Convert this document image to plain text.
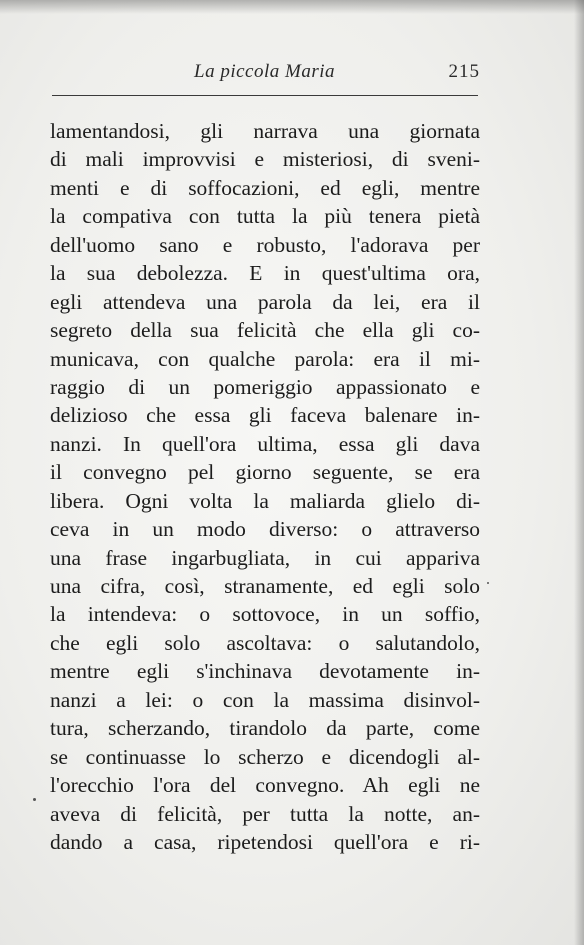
La piccola Maria	215
lamentandosi, gli narrava una giornata
di mali improvvisi e misteriosi, di sveni-
menti e di soffocazioni, ed egli, mentre
la compativa con tutta la più tenera pietà
dell'uomo sano e robusto, l'adorava per
la sua debolezza. E in quest'ultima ora,
egli attendeva una parola da lei, era il
segreto della sua felicità che ella gli co-
municava, con qualche parola: era il mi-
raggio di un pomeriggio appassionato e
delizioso che essa gli faceva balenare in-
nanzi. In quell'ora ultima, essa gli dava
il convegno pel giorno seguente, se era
libera. Ogni volta la maliarda glielo di-
ceva in un modo diverso: o attraverso
una frase ingarbugliata, in cui appariva
una cifra, così, stranamente, ed egli solo
la intendeva: o sottovoce, in un soffio,
che egli solo ascoltava: o salutandolo,
mentre egli s'inchinava devotamente in-
nanzi a lei: o con la massima disinvol-
tura, scherzando, tirandolo da parte, come
se continuasse lo scherzo e dicendogli al-
l'orecchio l'ora del convegno. Ah egli ne
aveva di felicità, per tutta la notte, an-
dando a casa, ripetendosi quell'ora e ri-
